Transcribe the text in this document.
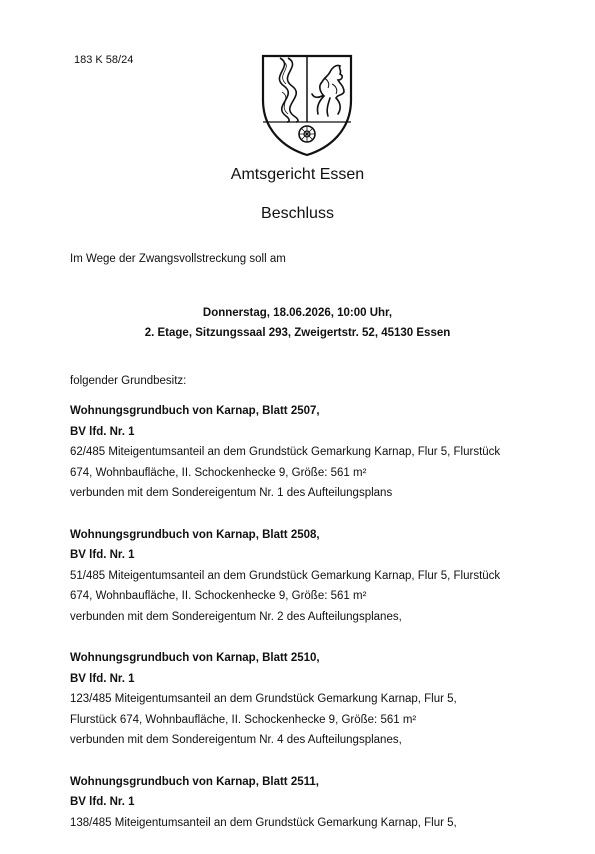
183 K 58/24
Amtsgericht Essen
Beschluss
Im Wege der Zwangsvollstreckung soll am
Donnerstag, 18.06.2026, 10:00 Uhr,
2. Etage, Sitzungssaal 293, Zweigertstr. 52, 45130 Essen
folgender Grundbesitz:
Wohnungsgrundbuch von Karnap, Blatt 2507,
BV lfd. Nr. 1
62/485 Miteigentumsanteil an dem Grundstück Gemarkung Karnap, Flur 5, Flurstück
674, Wohnbaufläche, II. Schockenhecke 9, Größe: 561 m²
verbunden mit dem Sondereigentum Nr. 1 des Aufteilungsplans
Wohnungsgrundbuch von Karnap, Blatt 2508,
BV lfd. Nr. 1
51/485 Miteigentumsanteil an dem Grundstück Gemarkung Karnap, Flur 5, Flurstück
674, Wohnbaufläche, II. Schockenhecke 9, Größe: 561 m²
verbunden mit dem Sondereigentum Nr. 2 des Aufteilungsplanes,
Wohnungsgrundbuch von Karnap, Blatt 2510,
BV lfd. Nr. 1
123/485 Miteigentumsanteil an dem Grundstück Gemarkung Karnap, Flur 5,
Flurstück 674, Wohnbaufläche, II. Schockenhecke 9, Größe: 561 m²
verbunden mit dem Sondereigentum Nr. 4 des Aufteilungsplanes,
Wohnungsgrundbuch von Karnap, Blatt 2511,
BV lfd. Nr. 1
138/485 Miteigentumsanteil an dem Grundstück Gemarkung Karnap, Flur 5,
